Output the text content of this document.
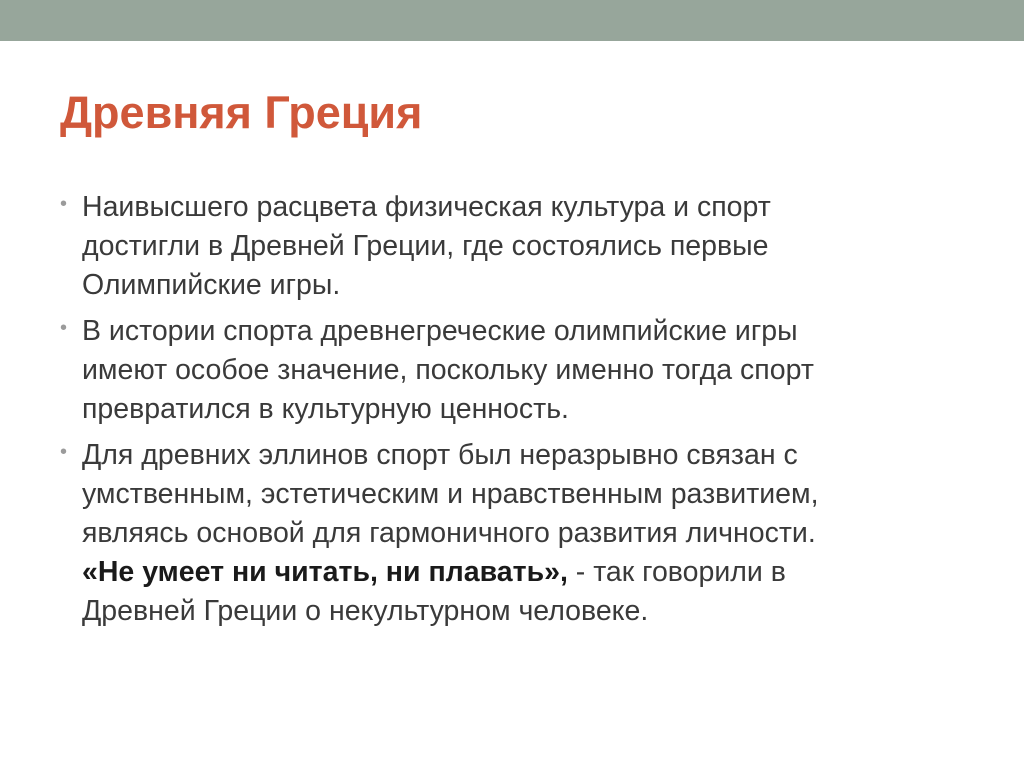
Древняя Греция
• Наивысшего расцвета физическая культура и спорт
достигли в Древней Греции, где состоялись первые
Олимпийские игры.
• В истории спорта древнегреческие олимпийские игры
имеют особое значение, поскольку именно тогда спорт
превратился в культурную ценность.
• Для древних эллинов спорт был неразрывно связан с
умственным, эстетическим и нравственным развитием,
являясь основой для гармоничного развития личности.
«Не умеет ни читать, ни плавать», - так говорили в
Древней Греции о некультурном человеке.
